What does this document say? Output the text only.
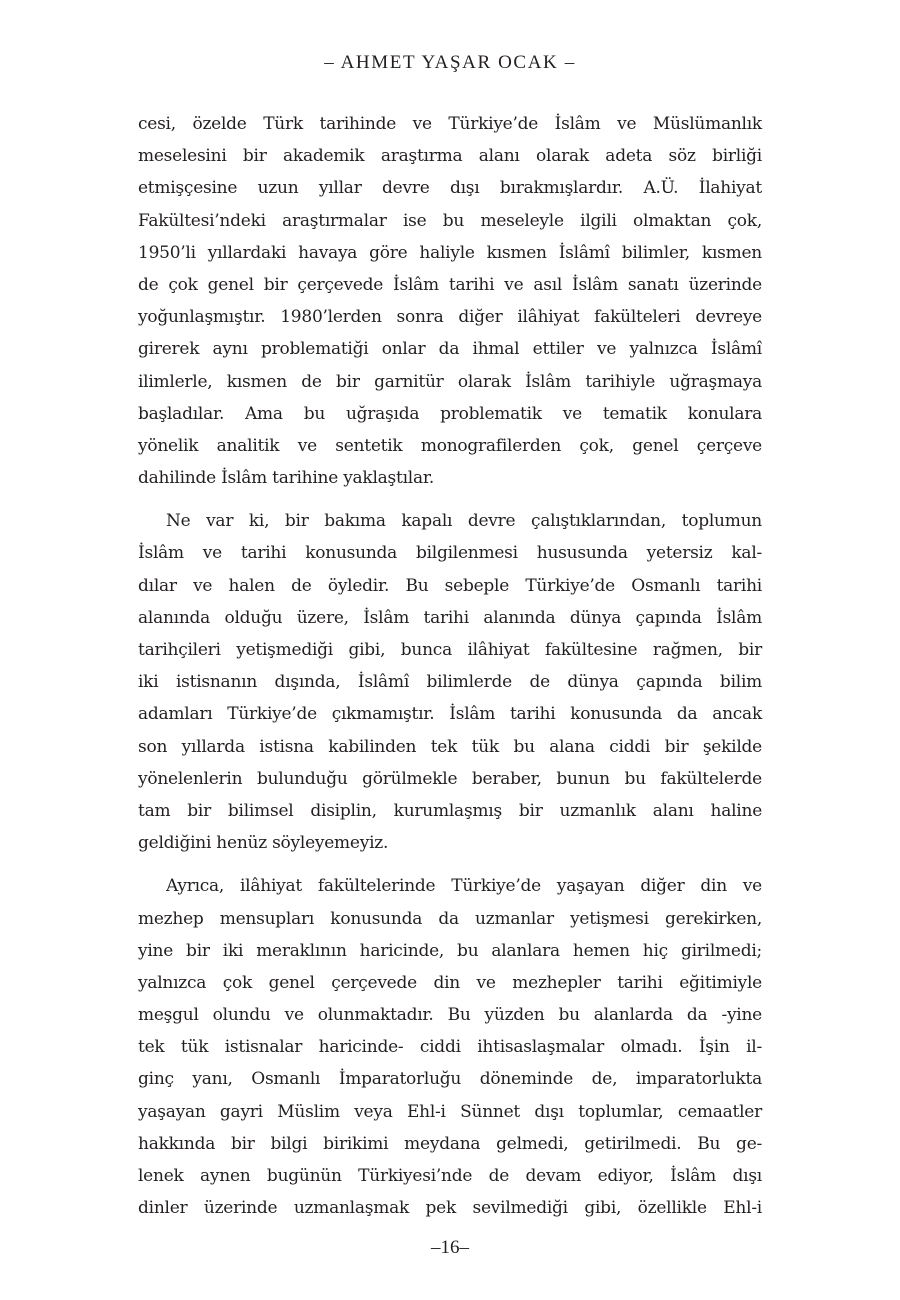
– AHMET YAŞAR OCAK –
cesi, özelde Türk tarihinde ve Türkiye’de İslâm ve Müslümanlık
meselesini bir akademik araştırma alanı olarak adeta söz birliği
etmişçesine uzun yıllar devre dışı bırakmışlardır. A.Ü. İlahiyat
Fakültesi’ndeki araştırmalar ise bu meseleyle ilgili olmaktan çok,
1950’li yıllardaki havaya göre haliyle kısmen İslâmî bilimler, kısmen
de çok genel bir çerçevede İslâm tarihi ve asıl İslâm sanatı üzerinde
yoğunlaşmıştır. 1980’lerden sonra diğer ilâhiyat fakülteleri devreye
girerek aynı problematiği onlar da ihmal ettiler ve yalnızca İslâmî
ilimlerle, kısmen de bir garnitür olarak İslâm tarihiyle uğraşmaya
başladılar. Ama bu uğraşıda problematik ve tematik konulara
yönelik analitik ve sentetik monografilerden çok, genel çerçeve
dahilinde İslâm tarihine yaklaştılar.
Ne var ki, bir bakıma kapalı devre çalıştıklarından, toplumun
İslâm ve tarihi konusunda bilgilenmesi hususunda yetersiz kal-
dılar ve halen de öyledir. Bu sebeple Türkiye’de Osmanlı tarihi
alanında olduğu üzere, İslâm tarihi alanında dünya çapında İslâm
tarihçileri yetişmediği gibi, bunca ilâhiyat fakültesine rağmen, bir
iki istisnanın dışında, İslâmî bilimlerde de dünya çapında bilim
adamları Türkiye’de çıkmamıştır. İslâm tarihi konusunda da ancak
son yıllarda istisna kabilinden tek tük bu alana ciddi bir şekilde
yönelenlerin bulunduğu görülmekle beraber, bunun bu fakültelerde
tam bir bilimsel disiplin, kurumlaşmış bir uzmanlık alanı haline
geldiğini henüz söyleyemeyiz.
Ayrıca, ilâhiyat fakültelerinde Türkiye’de yaşayan diğer din ve
mezhep mensupları konusunda da uzmanlar yetişmesi gerekirken,
yine bir iki meraklının haricinde, bu alanlara hemen hiç girilmedi;
yalnızca çok genel çerçevede din ve mezhepler tarihi eğitimiyle
meşgul olundu ve olunmaktadır. Bu yüzden bu alanlarda da -yine
tek tük istisnalar haricinde- ciddi ihtisaslaşmalar olmadı. İşin il-
ginç yanı, Osmanlı İmparatorluğu döneminde de, imparatorlukta
yaşayan gayri Müslim veya Ehl-i Sünnet dışı toplumlar, cemaatler
hakkında bir bilgi birikimi meydana gelmedi, getirilmedi. Bu ge-
lenek aynen bugünün Türkiyesi’nde de devam ediyor, İslâm dışı
dinler üzerinde uzmanlaşmak pek sevilmediği gibi, özellikle Ehl-i
–16–
